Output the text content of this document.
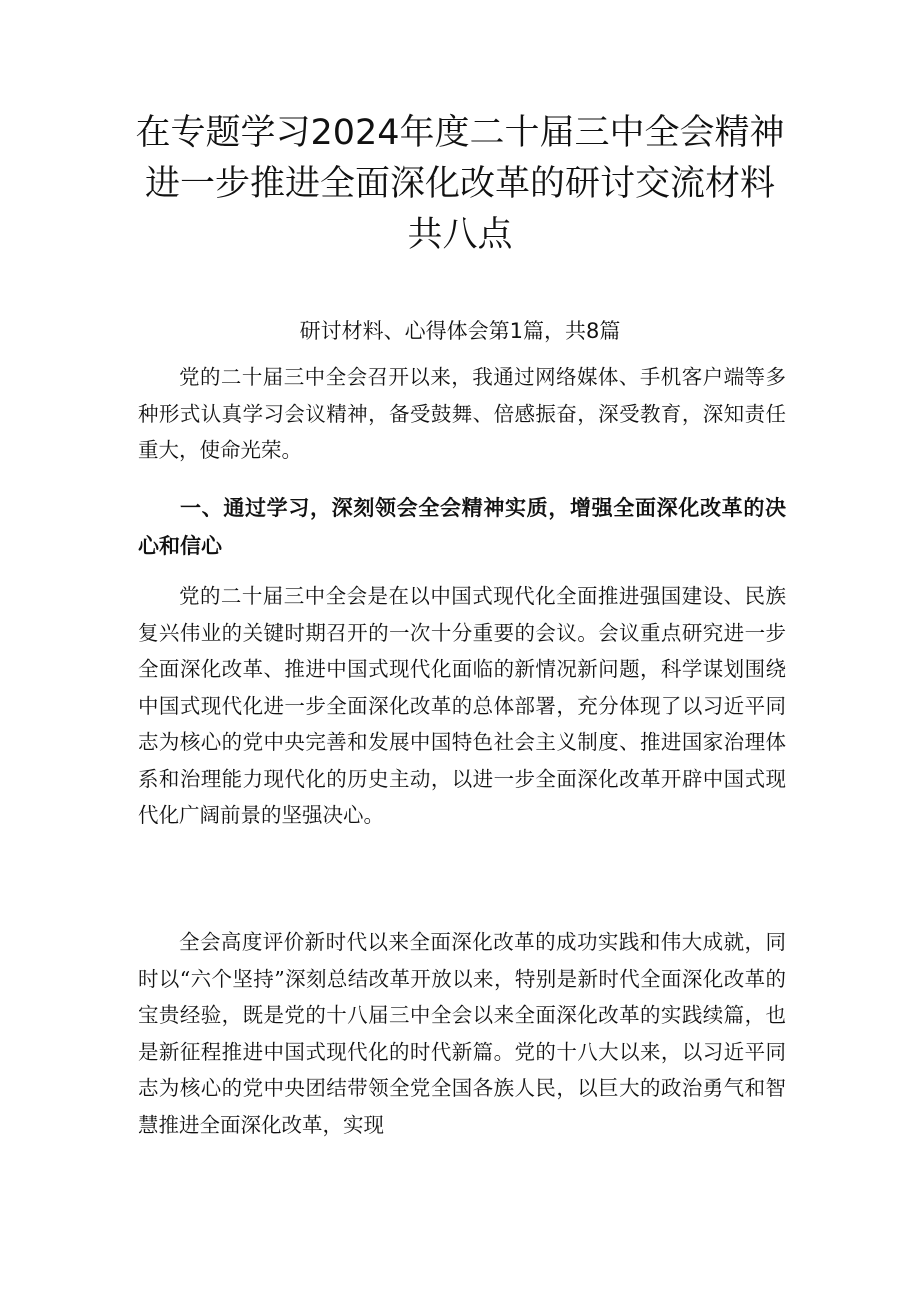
在专题学习2024年度二十届三中全会精神
进一步推进全面深化改革的研讨交流材料
共八点
研讨材料、心得体会第1篇，共8篇

党的二十届三中全会召开以来，我通过网络媒体、手机客户端等多种形式认真学习会议精神，备受鼓舞、倍感振奋，深受教育，深知责任重大，使命光荣。

一、通过学习，深刻领会全会精神实质，增强全面深化改革的决心和信心

党的二十届三中全会是在以中国式现代化全面推进强国建设、民族复兴伟业的关键时期召开的一次十分重要的会议。会议重点研究进一步全面深化改革、推进中国式现代化面临的新情况新问题，科学谋划围绕中国式现代化进一步全面深化改革的总体部署，充分体现了以习近平同志为核心的党中央完善和发展中国特色社会主义制度、推进国家治理体系和治理能力现代化的历史主动，以进一步全面深化改革开辟中国式现代化广阔前景的坚强决心。

全会高度评价新时代以来全面深化改革的成功实践和伟大成就，同时以“六个坚持”深刻总结改革开放以来，特别是新时代全面深化改革的宝贵经验，既是党的十八届三中全会以来全面深化改革的实践续篇，也是新征程推进中国式现代化的时代新篇。党的十八大以来，以习近平同志为核心的党中央团结带领全党全国各族人民，以巨大的政治勇气和智慧推进全面深化改革，实现
